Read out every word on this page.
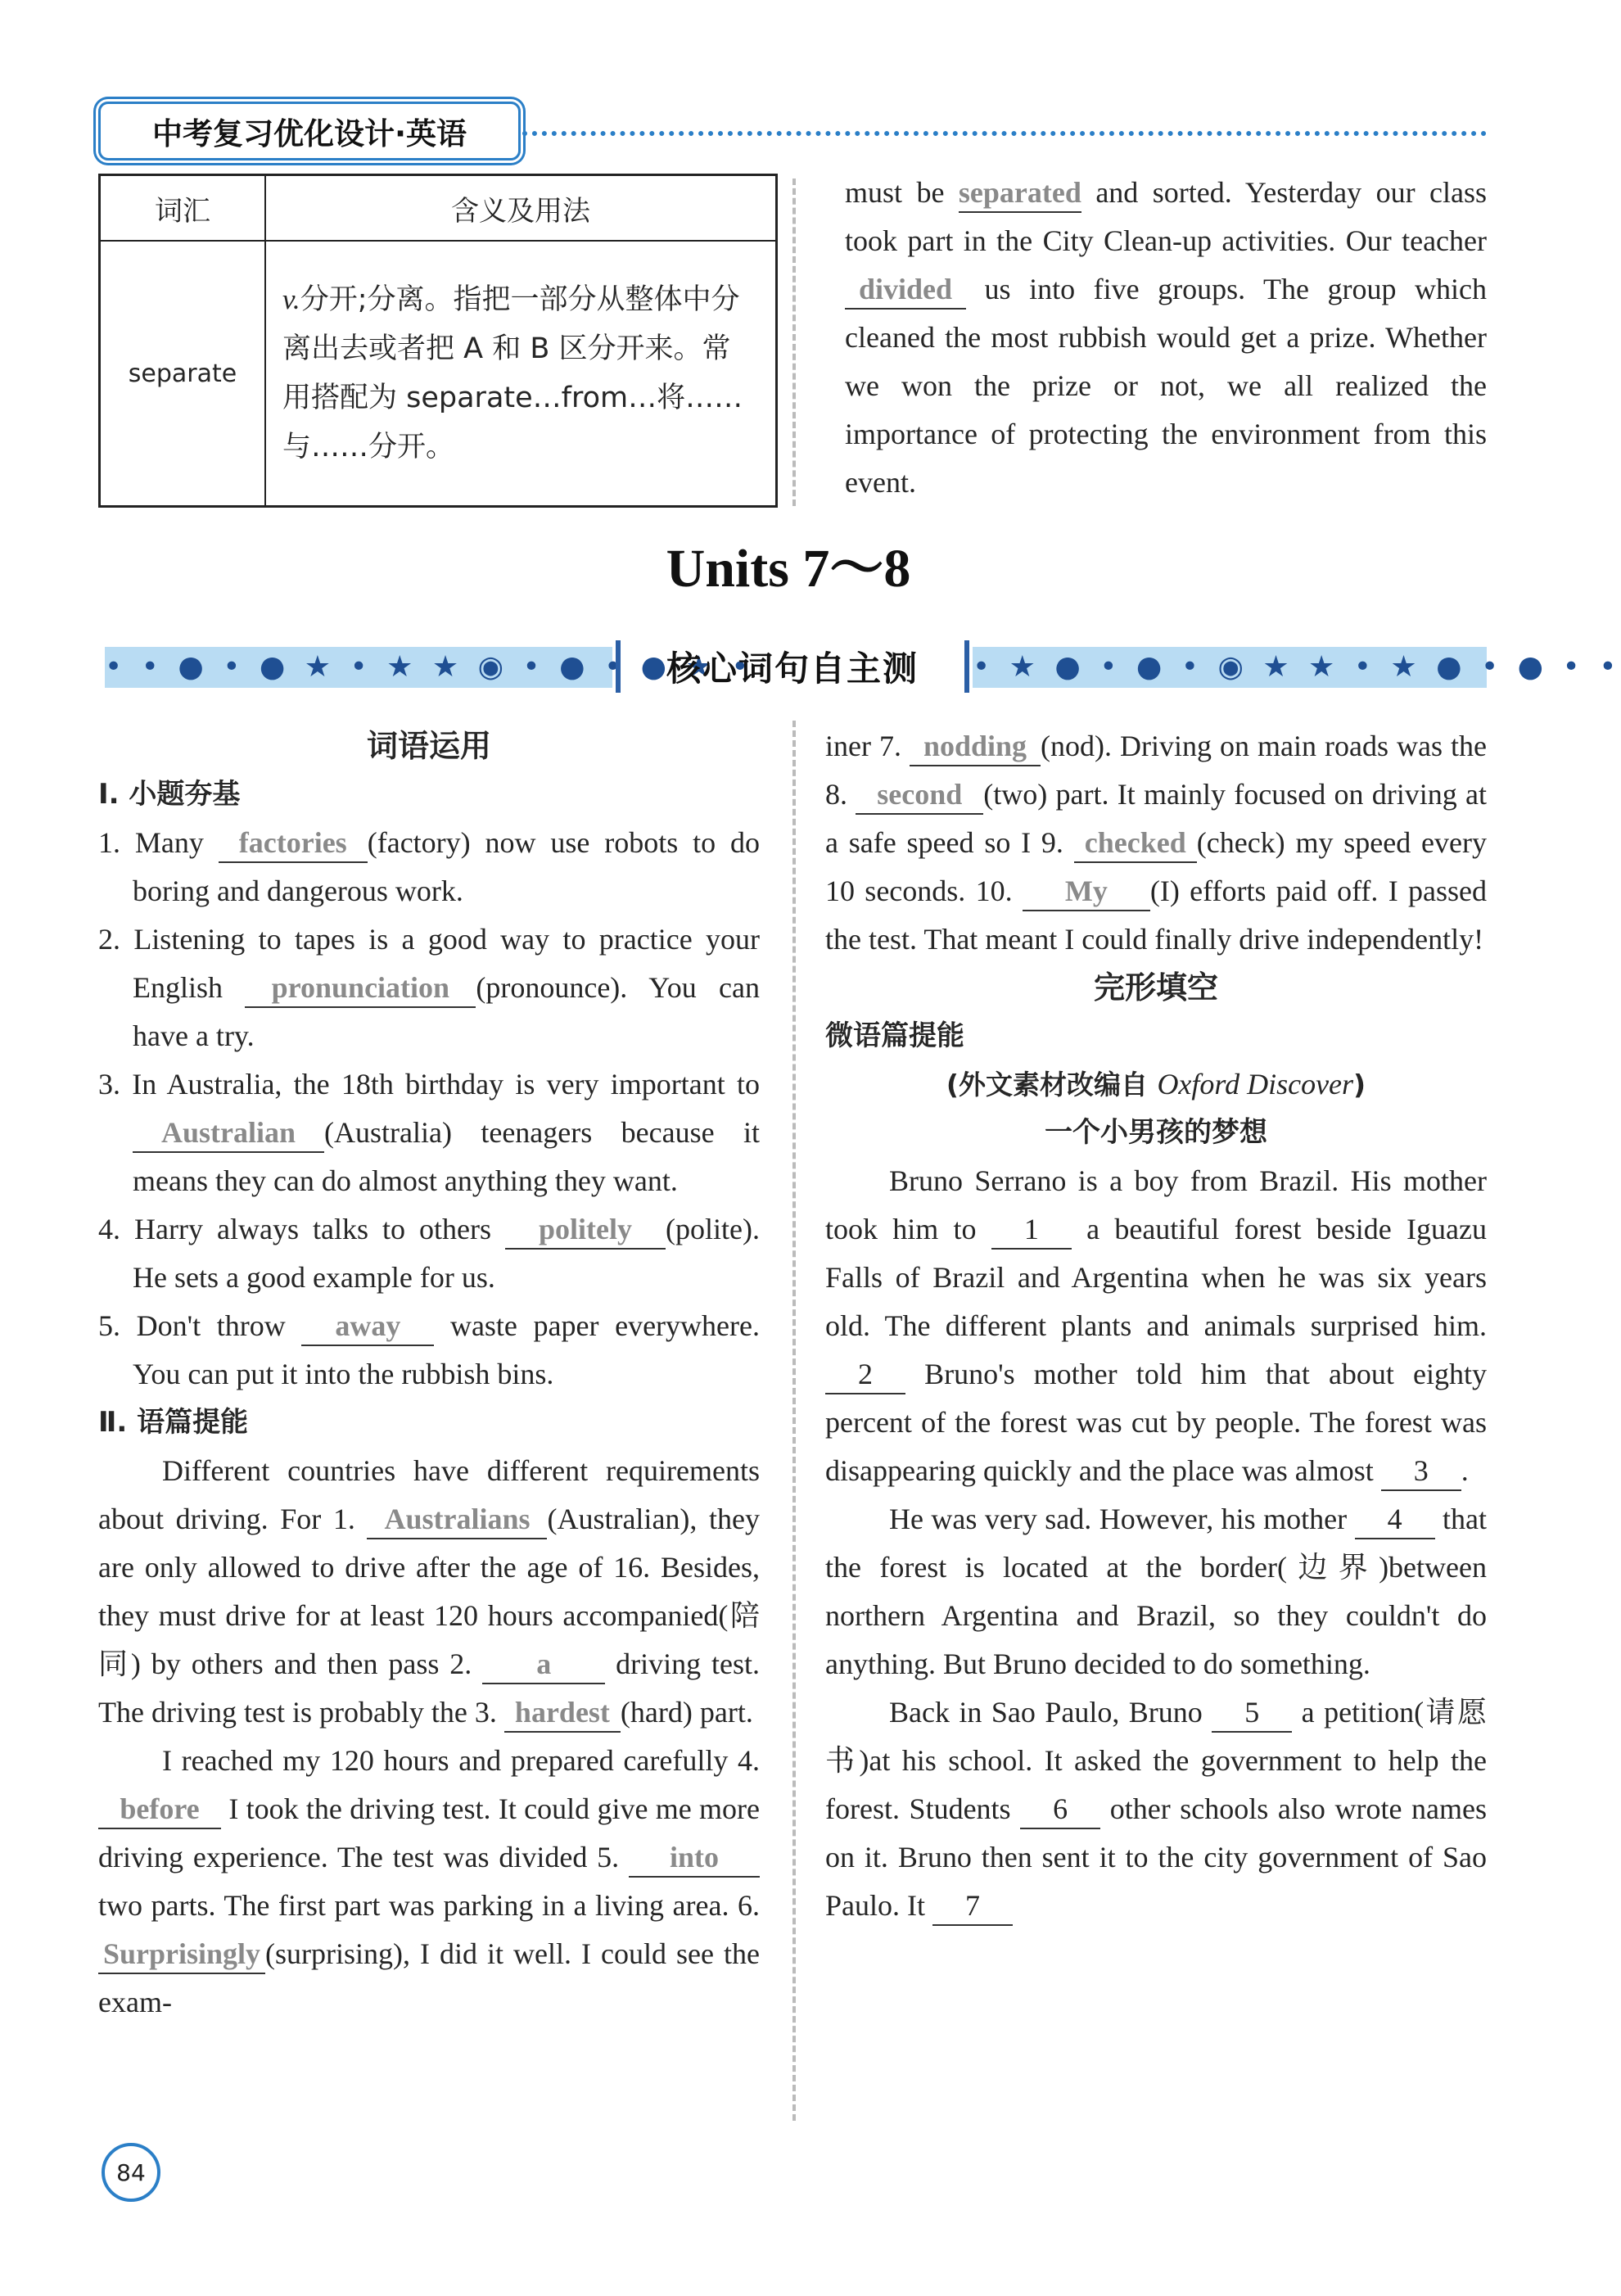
中考复习优化设计·英语
词汇	含义及用法
separate	v.分开;分离。指把一部分从整体中分离出去或者把 A 和 B 区分开来。常用搭配为 separate…from…将……与……分开。

must be separated and sorted. Yesterday our class took part in the City Clean-up activities. Our teacher divided us into five groups. The group which cleaned the most rubbish would get a prize. Whether we won the prize or not, we all realized the importance of protecting the environment from this event.

Units 7～8
• • ● • ● ★ • ★ ★ ◉ • ● • ● ★ •
核心词句自主测	• ★ ● • ● • ◉ ★ ★ • ★ ● • ● • •

词语运用

Ⅰ. 小题夯基

1. Many factories (factory) now use robots to do boring and dangerous work.

2. Listening to tapes is a good way to practice your English pronunciation (pronounce). You can have a try.

3. In Australia, the 18th birthday is very important to Australian (Australia) teenagers because it means they can do almost anything they want.

4. Harry always talks to others politely (polite). He sets a good example for us.

5. Don't throw away waste paper everywhere. You can put it into the rubbish bins.

Ⅱ. 语篇提能

Different countries have different requirements about driving. For 1. Australians (Australian), they are only allowed to drive after the age of 16. Besides, they must drive for at least 120 hours accompanied(陪同) by others and then pass 2. a driving test. The driving test is probably the 3. hardest (hard) part.

I reached my 120 hours and prepared carefully 4. before I took the driving test. It could give me more driving experience. The test was divided 5. into two parts. The first part was parking in a living area. 6. Surprisingly (surprising), I did it well. I could see the exam-

iner 7. nodding (nod). Driving on main roads was the 8. second (two) part. It mainly focused on driving at a safe speed so I 9. checked (check) my speed every 10 seconds. 10. My (I) efforts paid off. I passed the test. That meant I could finally drive independently!

完形填空

微语篇提能

(外文素材改编自 Oxford Discover)

一个小男孩的梦想

Bruno Serrano is a boy from Brazil. His mother took him to 1 a beautiful forest beside Iguazu Falls of Brazil and Argentina when he was six years old. The different plants and animals surprised him. 2 Bruno's mother told him that about eighty percent of the forest was cut by people. The forest was disappearing quickly and the place was almost 3 .

He was very sad. However, his mother 4 that the forest is located at the border(边界)between northern Argentina and Brazil, so they couldn't do anything. But Bruno decided to do something.

Back in Sao Paulo, Bruno 5 a petition(请愿书)at his school. It asked the government to help the forest. Students 6 other schools also wrote names on it. Bruno then sent it to the city government of Sao Paulo. It 7

84
